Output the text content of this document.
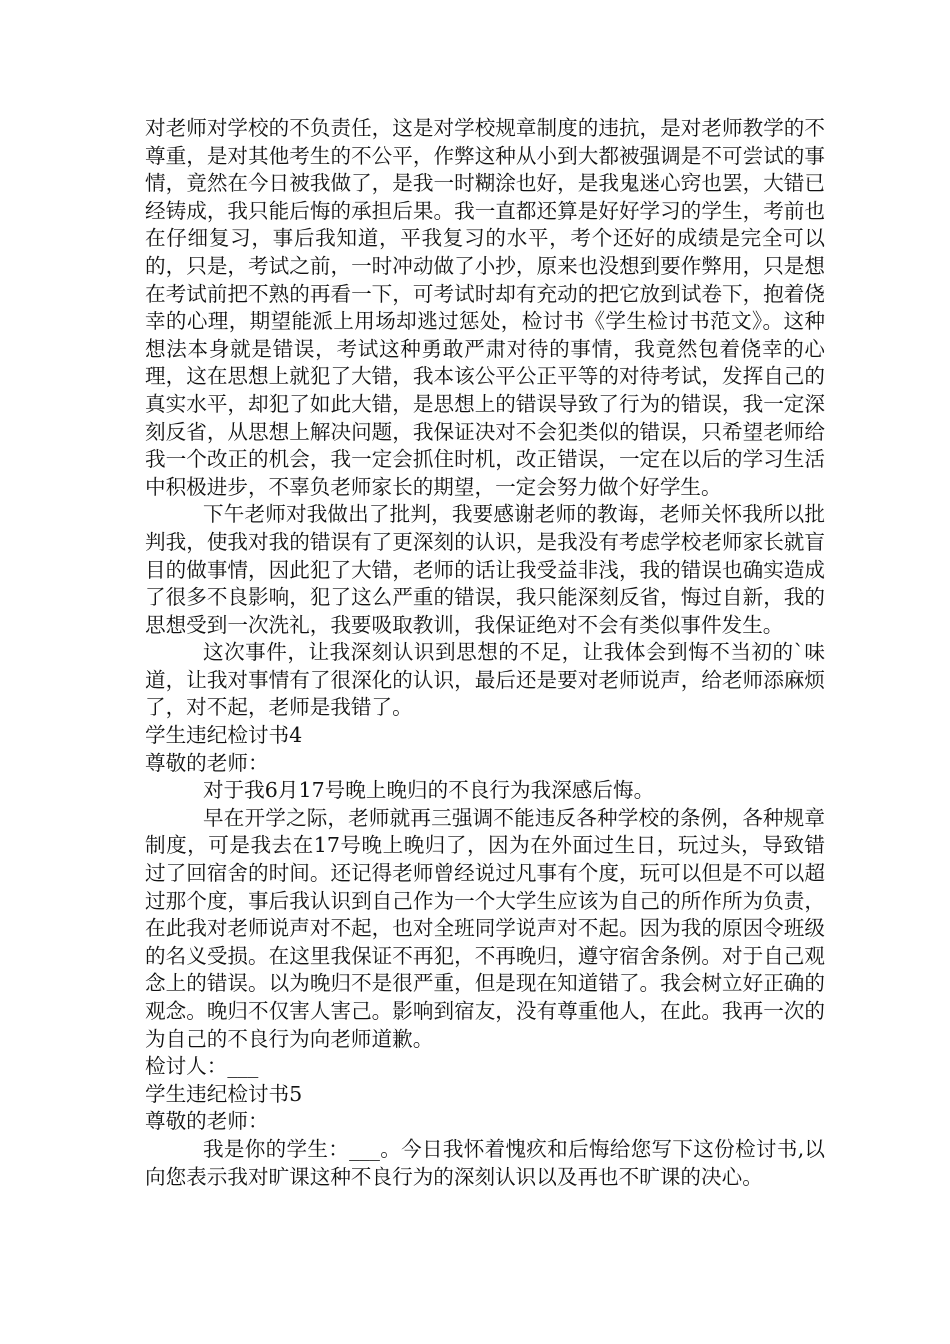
对老师对学校的不负责任，这是对学校规章制度的违抗，是对老师教学的不尊重，是对其他考生的不公平，作弊这种从小到大都被强调是不可尝试的事情，竟然在今日被我做了，是我一时糊涂也好，是我鬼迷心窍也罢，大错已经铸成，我只能后悔的承担后果。我一直都还算是好好学习的学生，考前也在仔细复习，事后我知道，平我复习的水平，考个还好的成绩是完全可以的，只是，考试之前，一时冲动做了小抄，原来也没想到要作弊用，只是想在考试前把不熟的再看一下，可考试时却有充动的把它放到试卷下，抱着侥幸的心理，期望能派上用场却逃过惩处，检讨书《学生检讨书范文》。这种想法本身就是错误，考试这种勇敢严肃对待的事情，我竟然包着侥幸的心理，这在思想上就犯了大错，我本该公平公正平等的对待考试，发挥自己的真实水平，却犯了如此大错，是思想上的错误导致了行为的错误，我一定深刻反省，从思想上解决问题，我保证决对不会犯类似的错误，只希望老师给我一个改正的机会，我一定会抓住时机，改正错误，一定在以后的学习生活中积极进步，不辜负老师家长的期望，一定会努力做个好学生。

下午老师对我做出了批判，我要感谢老师的教诲，老师关怀我所以批判我，使我对我的错误有了更深刻的认识，是我没有考虑学校老师家长就盲目的做事情，因此犯了大错，老师的话让我受益非浅，我的错误也确实造成了很多不良影响，犯了这么严重的错误，我只能深刻反省，悔过自新，我的思想受到一次洗礼，我要吸取教训，我保证绝对不会有类似事件发生。

这次事件，让我深刻认识到思想的不足，让我体会到悔不当初的`味道，让我对事情有了很深化的认识，最后还是要对老师说声，给老师添麻烦了，对不起，老师是我错了。

学生违纪检讨书4

尊敬的老师：

对于我6月17号晚上晚归的不良行为我深感后悔。

早在开学之际，老师就再三强调不能违反各种学校的条例，各种规章制度，可是我去在17号晚上晚归了，因为在外面过生日，玩过头，导致错过了回宿舍的时间。还记得老师曾经说过凡事有个度，玩可以但是不可以超过那个度，事后我认识到自己作为一个大学生应该为自己的所作所为负责，在此我对老师说声对不起，也对全班同学说声对不起。因为我的原因令班级的名义受损。在这里我保证不再犯，不再晚归，遵守宿舍条例。对于自己观念上的错误。以为晚归不是很严重，但是现在知道错了。我会树立好正确的观念。晚归不仅害人害己。影响到宿友，没有尊重他人，在此。我再一次的为自己的不良行为向老师道歉。

检讨人：___

学生违纪检讨书5

尊敬的老师：

我是你的学生：___。今日我怀着愧疚和后悔给您写下这份检讨书,以向您表示我对旷课这种不良行为的深刻认识以及再也不旷课的决心。
